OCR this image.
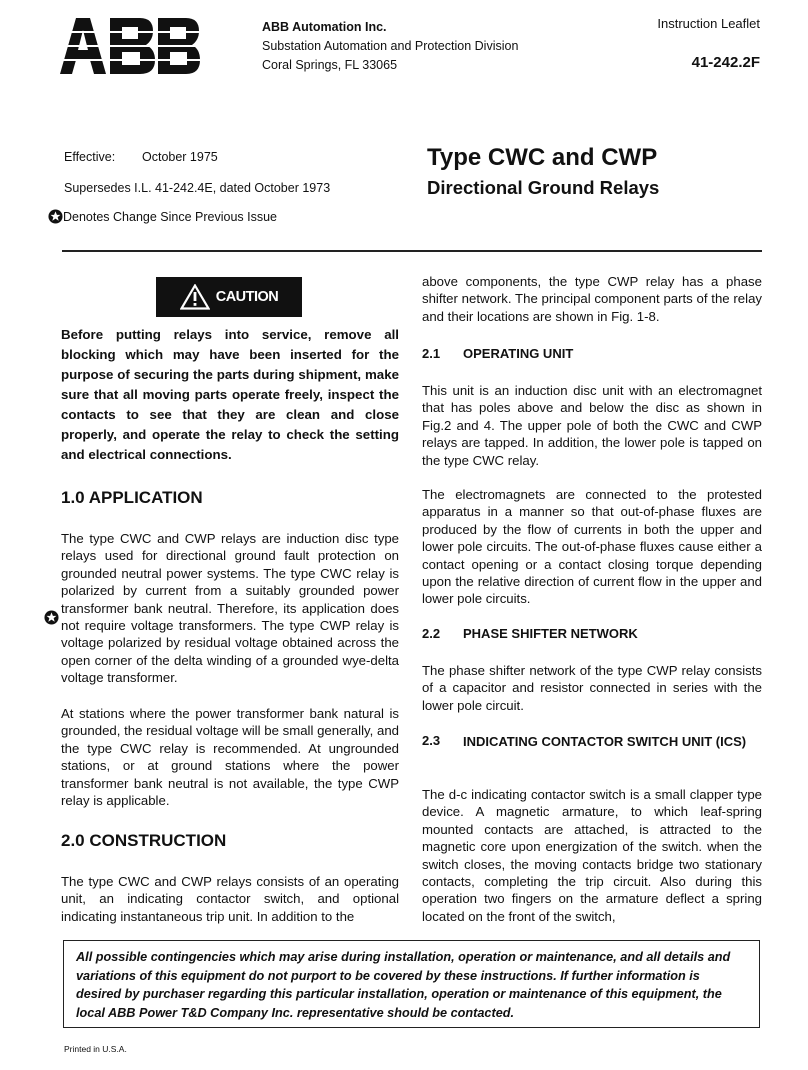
ABB Automation Inc.
Substation Automation and Protection Division
Coral Springs, FL 33065
Instruction Leaflet
41-242.2F
Effective: October 1975
Supersedes I.L. 41-242.4E, dated October 1973
Denotes Change Since Previous Issue
Type CWC and CWP
Directional Ground Relays
CAUTION
Before putting relays into service, remove all blocking which may have been inserted for the purpose of securing the parts during shipment, make sure that all moving parts operate freely, inspect the contacts to see that they are clean and close properly, and operate the relay to check the setting and electrical connections.
1.0 APPLICATION
The type CWC and CWP relays are induction disc type relays used for directional ground fault protection on grounded neutral power systems. The type CWC relay is polarized by current from a suitably grounded power transformer bank neutral. Therefore, its application does not require voltage transformers. The type CWP relay is voltage polarized by residual voltage obtained across the open corner of the delta winding of a grounded wye-delta voltage transformer.
At stations where the power transformer bank natural is grounded, the residual voltage will be small generally, and the type CWC relay is recommended. At ungrounded stations, or at ground stations where the power transformer bank neutral is not available, the type CWP relay is applicable.
2.0 CONSTRUCTION
The type CWC and CWP relays consists of an operating unit, an indicating contactor switch, and optional indicating instantaneous trip unit. In addition to the
above components, the type CWP relay has a phase shifter network. The principal component parts of the relay and their locations are shown in Fig. 1-8.
2.1 OPERATING UNIT
This unit is an induction disc unit with an electromagnet that has poles above and below the disc as shown in Fig.2 and 4. The upper pole of both the CWC and CWP relays are tapped. In addition, the lower pole is tapped on the type CWC relay.
The electromagnets are connected to the protested apparatus in a manner so that out-of-phase fluxes are produced by the flow of currents in both the upper and lower pole circuits. The out-of-phase fluxes cause either a contact opening or a contact closing torque depending upon the relative direction of current flow in the upper and lower pole circuits.
2.2 PHASE SHIFTER NETWORK
The phase shifter network of the type CWP relay consists of a capacitor and resistor connected in series with the lower pole circuit.
2.3	INDICATING CONTACTOR SWITCH UNIT (ICS)
The d-c indicating contactor switch is a small clapper type device. A magnetic armature, to which leaf-spring mounted contacts are attached, is attracted to the magnetic core upon energization of the switch. when the switch closes, the moving contacts bridge two stationary contacts, completing the trip circuit. Also during this operation two fingers on the armature deflect a spring located on the front of the switch,
All possible contingencies which may arise during installation, operation or maintenance, and all details and variations of this equipment do not purport to be covered by these instructions. If further information is desired by purchaser regarding this particular installation, operation or maintenance of this equipment, the local ABB Power T&D Company Inc. representative should be contacted.
Printed in U.S.A.
